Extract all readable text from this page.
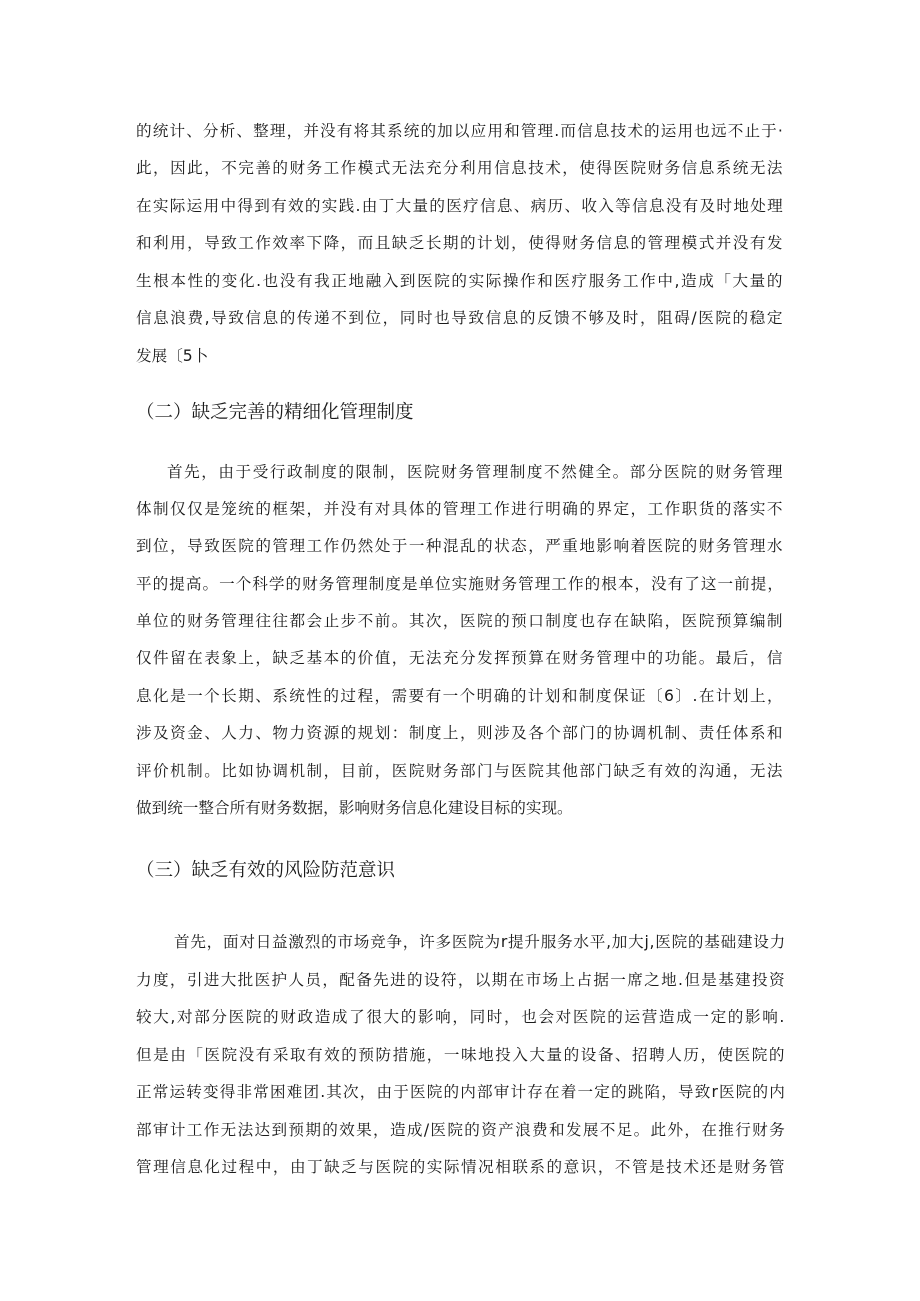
的统计、分析、整理，并没有将其系统的加以应用和管理.而信息技术的运用也远不止于·

此，因此，不完善的财务工作模式无法充分利用信息技术，使得医院财务信息系统无法

在实际运用中得到有效的实践.由丁大量的医疗信息、病历、收入等信息没有及时地处理

和利用，导致工作效率下降，而且缺乏长期的计划，使得财务信息的管理模式并没有发

生根本性的变化.也没有我正地融入到医院的实际操作和医疗服务工作中,造成「大量的

信息浪费,导致信息的传递不到位，同时也导致信息的反馈不够及时，阻碍/医院的稳定

发展〔5卜

（二）缺乏完善的精细化管理制度

首先，由于受行政制度的限制，医院财务管理制度不然健全。部分医院的财务管理

体制仅仅是笼统的框架，并没有对具体的管理工作进行明确的界定，工作职货的落实不

到位，导致医院的管理工作仍然处于一种混乱的状态，严重地影响着医院的财务管理水

平的提高。一个科学的财务管理制度是单位实施财务管理工作的根本，没有了这一前提，

单位的财务管理往往都会止步不前。其次，医院的预口制度也存在缺陷，医院预算编制

仅件留在表象上，缺乏基本的价值，无法充分发挥预算在财务管理中的功能。最后，信

息化是一个长期、系统性的过程，需要有一个明确的计划和制度保证〔6〕.在计划上，

涉及资金、人力、物力资源的规划：制度上，则涉及各个部门的协调机制、责任体系和

评价机制。比如协调机制，目前，医院财务部门与医院其他部门缺乏有效的沟通，无法

做到统一整合所有财务数据，影响财务信息化建设目标的实现。

（三）缺乏有效的风险防范意识

首先，面对日益激烈的市场竞争，许多医院为r提升服务水平,加大j,医院的基础建设力

力度，引进大批医护人员，配备先进的设符，以期在市场上占据一席之地.但是基建投资

较大,对部分医院的财政造成了很大的影响，同时，也会对医院的运营造成一定的影响.

但是由「医院没有采取有效的预防措施，一味地投入大量的设备、招聘人历，使医院的

正常运转变得非常困难团.其次，由于医院的内部审计存在着一定的跳陷，导致r医院的内

部审计工作无法达到预期的效果，造成/医院的资产浪费和发展不足。此外，在推行财务

管理信息化过程中，由丁缺乏与医院的实际情况相联系的意识，不管是技术还是财务管
